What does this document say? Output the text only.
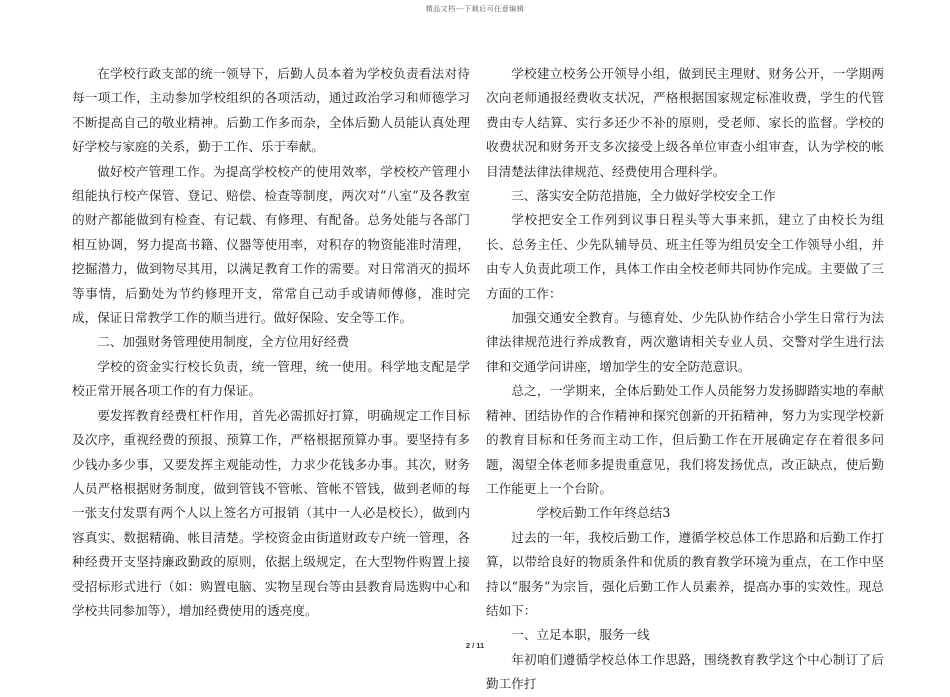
精品文档---下载后可任意编辑

在学校行政支部的统一领导下，后勤人员本着为学校负责看法对待每一项工作，主动参加学校组织的各项活动，通过政治学习和师德学习不断提高自己的敬业精神。后勤工作多而杂，全体后勤人员能认真处理好学校与家庭的关系，勤于工作、乐于奉献。

做好校产管理工作。为提高学校校产的使用效率，学校校产管理小组能执行校产保管、登记、赔偿、检查等制度，两次对“八室”及各教室的财产都能做到有检查、有记载、有修理、有配备。总务处能与各部门相互协调，努力提高书籍、仪器等使用率，对积存的物资能准时清理，挖掘潜力，做到物尽其用，以满足教育工作的需要。对日常消灭的损坏等事情，后勤处为节约修理开支，常常自己动手或请师傅修，准时完成，保证日常教学工作的顺当进行。做好保险、安全等工作。

二、加强财务管理使用制度，全方位用好经费

学校的资金实行校长负责，统一管理，统一使用。科学地支配是学校正常开展各项工作的有力保证。

要发挥教育经费杠杆作用，首先必需抓好打算，明确规定工作目标及次序，重视经费的预报、预算工作，严格根据预算办事。要坚持有多少钱办多少事，又要发挥主观能动性，力求少花钱多办事。其次，财务人员严格根据财务制度，做到管钱不管帐、管帐不管钱，做到老师的每一张支付发票有两个人以上签名方可报销（其中一人必是校长），做到内容真实、数据精确、帐目清楚。学校资金由街道财政专户统一管理，各种经费开支坚持廉政勤政的原则，依据上级规定，在大型物件购置上接受招标形式进行（如：购置电脑、实物呈现台等由县教育局选购中心和学校共同参加等），增加经费使用的透亮度。

学校建立校务公开领导小组，做到民主理财、财务公开，一学期两次向老师通报经费收支状况，严格根据国家规定标准收费，学生的代管费由专人结算、实行多还少不补的原则，受老师、家长的监督。学校的收费状况和财务开支多次接受上级各单位审查小组审查，认为学校的帐目清楚法律法律规范、经费使用合理科学。

三、落实安全防范措施，全力做好学校安全工作

学校把安全工作列到议事日程头等大事来抓，建立了由校长为组长、总务主任、少先队辅导员、班主任等为组员安全工作领导小组，并由专人负责此项工作，具体工作由全校老师共同协作完成。主要做了三方面的工作：

加强交通安全教育。与德育处、少先队协作结合小学生日常行为法律法律规范进行养成教育，两次邀请相关专业人员、交警对学生进行法律和交通学问讲座，增加学生的安全防范意识。

总之，一学期来，全体后勤处工作人员能努力发扬脚踏实地的奉献精神、团结协作的合作精神和探究创新的开拓精神，努力为实现学校新的教育目标和任务而主动工作，但后勤工作在开展确定存在着很多问题，渴望全体老师多提贵重意见，我们将发扬优点，改正缺点，使后勤工作能更上一个台阶。

学校后勤工作年终总结3

过去的一年，我校后勤工作，遵循学校总体工作思路和后勤工作打算，以带给良好的物质条件和优质的教育教学环境为重点，在工作中坚持以“服务”为宗旨，强化后勤工作人员素养，提高办事的实效性。现总结如下：

一、立足本职，服务一线

年初咱们遵循学校总体工作思路，围绕教育教学这个中心制订了后勤工作打

2 / 11
